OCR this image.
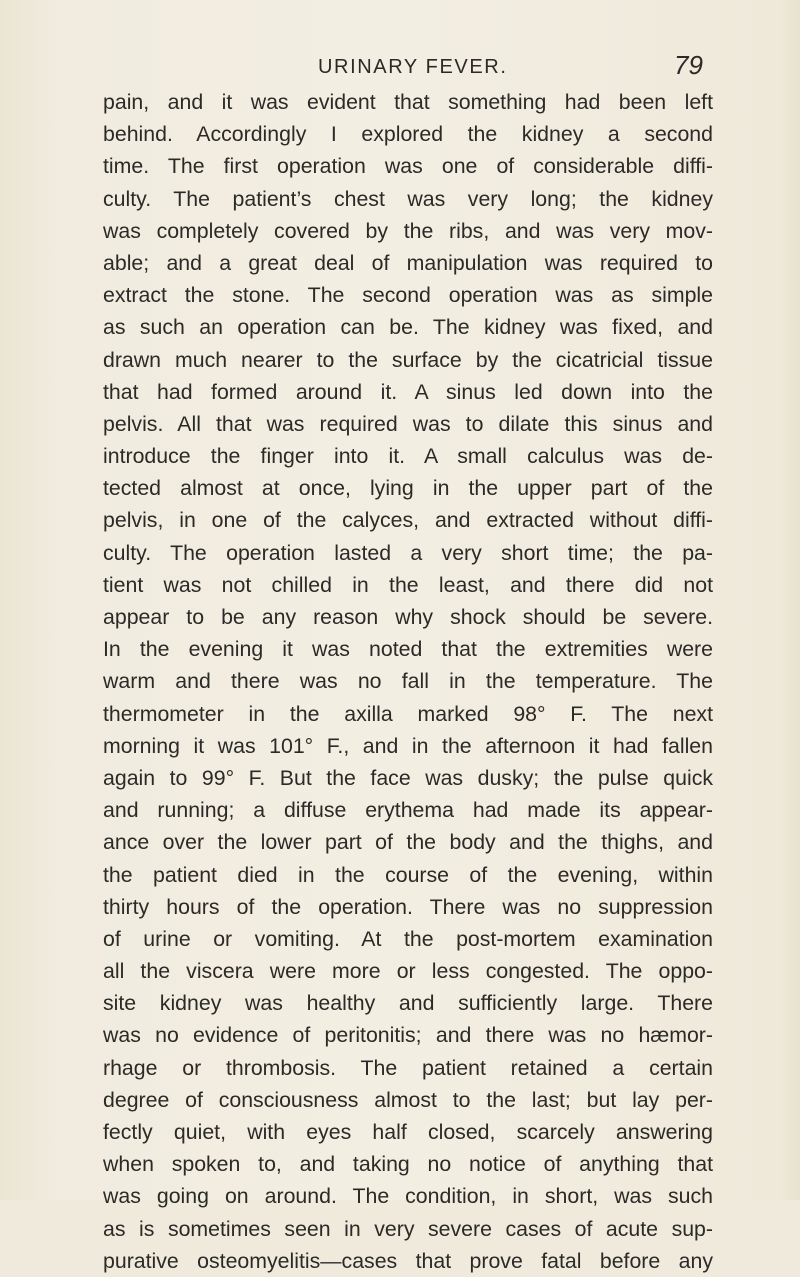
URINARY FEVER.	79
pain, and it was evident that something had been left
behind. Accordingly I explored the kidney a second
time. The first operation was one of considerable diffi-
culty. The patient’s chest was very long; the kidney
was completely covered by the ribs, and was very mov-
able; and a great deal of manipulation was required to
extract the stone. The second operation was as simple
as such an operation can be. The kidney was fixed, and
drawn much nearer to the surface by the cicatricial tissue
that had formed around it. A sinus led down into the
pelvis. All that was required was to dilate this sinus and
introduce the finger into it. A small calculus was de-
tected almost at once, lying in the upper part of the
pelvis, in one of the calyces, and extracted without diffi-
culty. The operation lasted a very short time; the pa-
tient was not chilled in the least, and there did not
appear to be any reason why shock should be severe.
In the evening it was noted that the extremities were
warm and there was no fall in the temperature. The
thermometer in the axilla marked 98° F. The next
morning it was 101° F., and in the afternoon it had fallen
again to 99° F. But the face was dusky; the pulse quick
and running; a diffuse erythema had made its appear-
ance over the lower part of the body and the thighs, and
the patient died in the course of the evening, within
thirty hours of the operation. There was no suppression
of urine or vomiting. At the post-mortem examination
all the viscera were more or less congested. The oppo-
site kidney was healthy and sufficiently large. There
was no evidence of peritonitis; and there was no hæmor-
rhage or thrombosis. The patient retained a certain
degree of consciousness almost to the last; but lay per-
fectly quiet, with eyes half closed, scarcely answering
when spoken to, and taking no notice of anything that
was going on around. The condition, in short, was such
as is sometimes seen in very severe cases of acute sup-
purative osteomyelitis—cases that prove fatal before any
